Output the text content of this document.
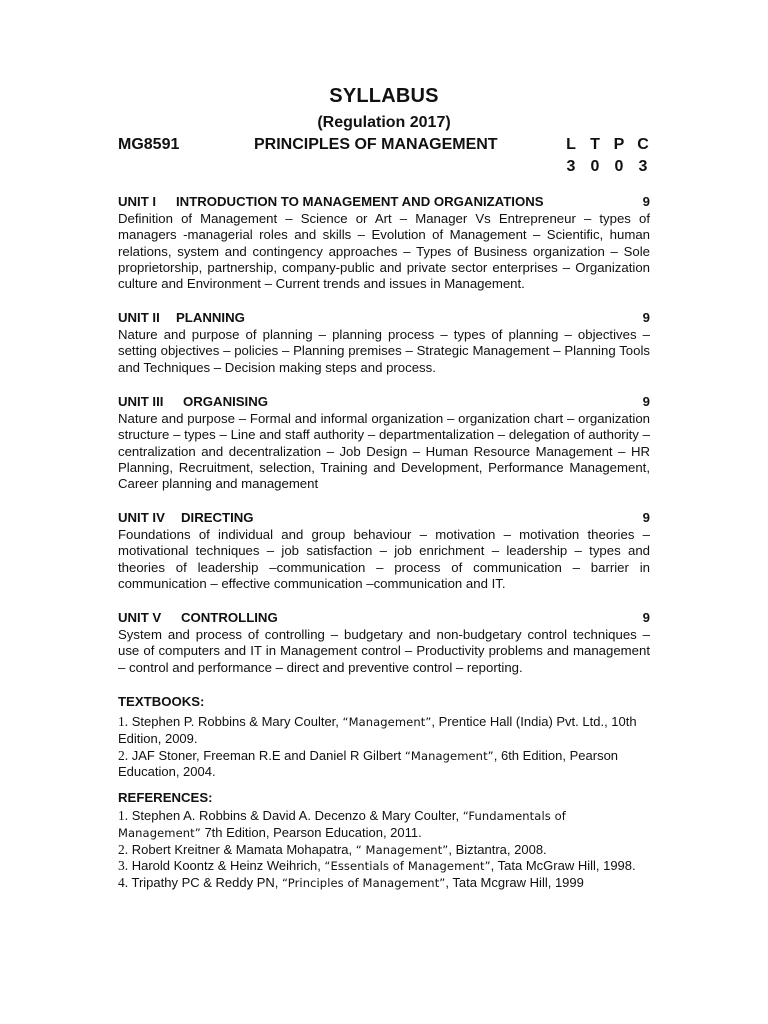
SYLLABUS
(Regulation 2017)
MG8591	PRINCIPLES OF MANAGEMENT	L T P C
3 0 0 3
UNIT I	INTRODUCTION TO MANAGEMENT AND ORGANIZATIONS	9
Definition of Management – Science or Art – Manager Vs Entrepreneur – types of managers -managerial roles and skills – Evolution of Management – Scientific, human relations, system and contingency approaches – Types of Business organization – Sole proprietorship, partnership, company-public and private sector enterprises – Organization culture and Environment – Current trends and issues in Management.
UNIT II	PLANNING	9
Nature and purpose of planning – planning process – types of planning – objectives – setting objectives – policies – Planning premises – Strategic Management – Planning Tools and Techniques – Decision making steps and process.
UNIT III	ORGANISING	9
Nature and purpose – Formal and informal organization – organization chart – organization structure – types – Line and staff authority – departmentalization – delegation of authority – centralization and decentralization – Job Design – Human Resource Management – HR Planning, Recruitment, selection, Training and Development, Performance Management, Career planning and management
UNIT IV	DIRECTING	9
Foundations of individual and group behaviour – motivation – motivation theories – motivational techniques – job satisfaction – job enrichment – leadership – types and theories of leadership –communication – process of communication – barrier in communication – effective communication –communication and IT.
UNIT V	CONTROLLING	9
System and process of controlling – budgetary and non-budgetary control techniques – use of computers and IT in Management control – Productivity problems and management – control and performance – direct and preventive control – reporting.
TEXTBOOKS:
1. Stephen P. Robbins & Mary Coulter, “Management”, Prentice Hall (India) Pvt. Ltd., 10th Edition, 2009.
2. JAF Stoner, Freeman R.E and Daniel R Gilbert “Management”, 6th Edition, Pearson Education, 2004.
REFERENCES:
1. Stephen A. Robbins & David A. Decenzo & Mary Coulter, “Fundamentals of Management” 7th Edition, Pearson Education, 2011.
2. Robert Kreitner & Mamata Mohapatra, “ Management”, Biztantra, 2008.
3. Harold Koontz & Heinz Weihrich, “Essentials of Management”, Tata McGraw Hill, 1998.
4. Tripathy PC & Reddy PN, “Principles of Management”, Tata Mcgraw Hill, 1999
